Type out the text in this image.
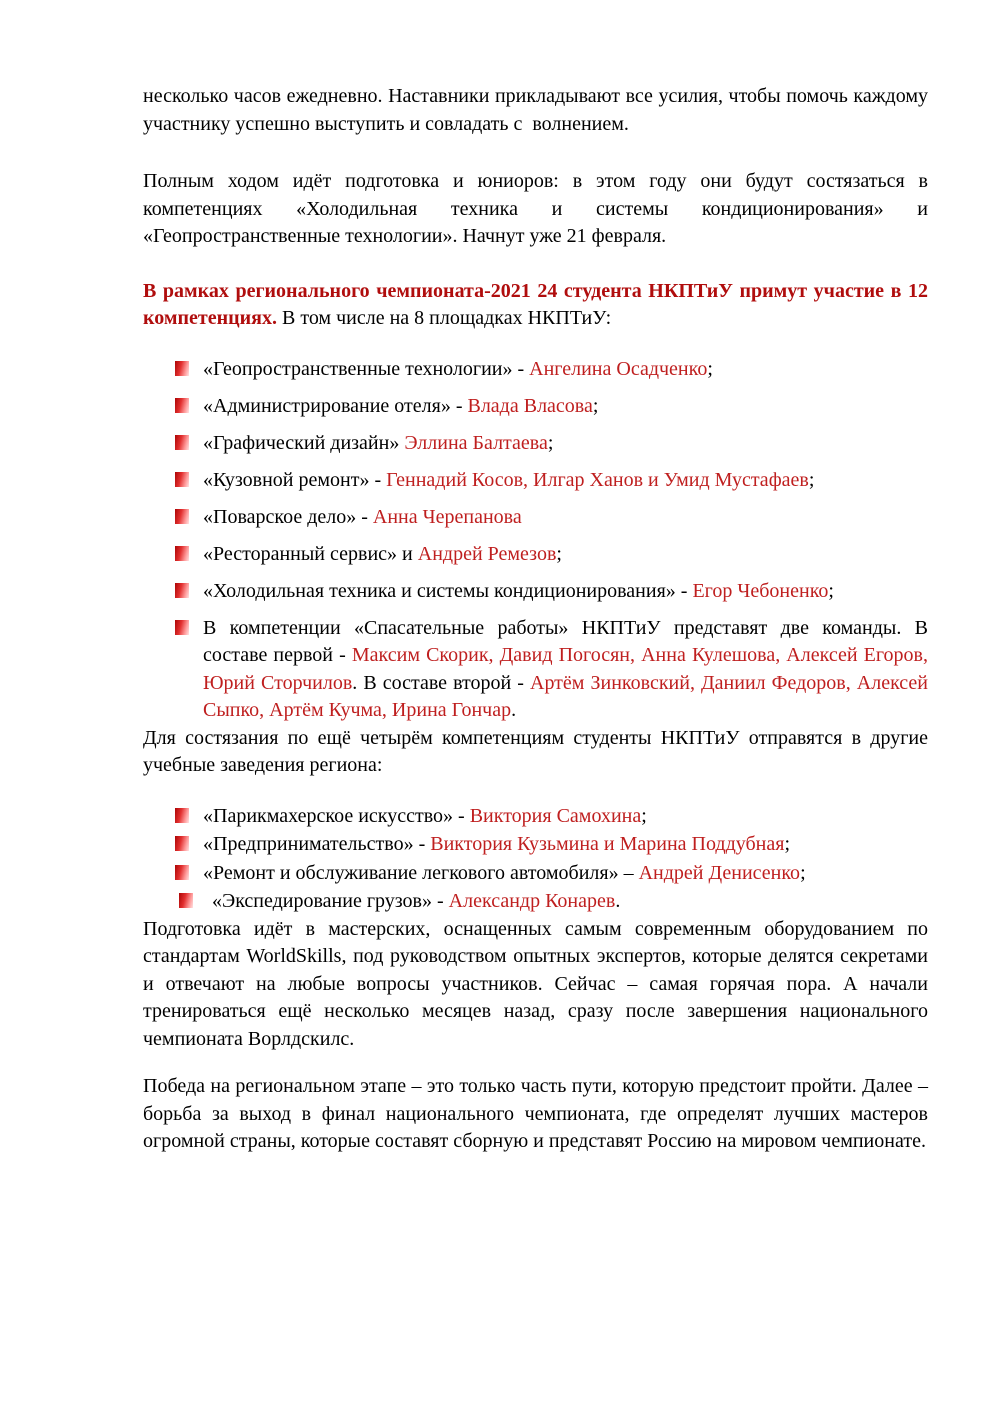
несколько часов ежедневно. Наставники прикладывают все усилия, чтобы помочь каждому участнику успешно выступить и совладать с  волнением.

Полным ходом идёт подготовка и юниоров: в этом году они будут состязаться в компетенциях «Холодильная техника и системы кондиционирования» и «Геопространственные технологии». Начнут уже 21 февраля.

В рамках регионального чемпионата-2021 24 студента НКПТиУ примут участие в 12 компетенциях. В том числе на 8 площадках НКПТиУ:

«Геопространственные технологии» - Ангелина Осадченко;
«Администрирование отеля» - Влада Власова;
«Графический дизайн» Эллина Балтаева;
«Кузовной ремонт» - Геннадий Косов, Илгар Ханов и Умид Мустафаев;
«Поварское дело» - Анна Черепанова
«Ресторанный сервис» и Андрей Ремезов;
«Холодильная техника и системы кондиционирования» - Егор Чебоненко;
В компетенции «Спасательные работы» НКПТиУ представят две команды. В составе первой - Максим Скорик, Давид Погосян, Анна Кулешова, Алексей Егоров, Юрий Сторчилов. В составе второй - Артём Зинковский, Даниил Федоров, Алексей Сыпко, Артём Кучма, Ирина Гончар.

Для состязания по ещё четырём компетенциям студенты НКПТиУ отправятся в другие учебные заведения региона:

«Парикмахерское искусство» - Виктория Самохина;
«Предпринимательство» - Виктория Кузьмина и Марина Поддубная;
«Ремонт и обслуживание легкового автомобиля» – Андрей Денисенко;
«Экспедирование грузов» - Александр Конарев.

Подготовка идёт в мастерских, оснащенных самым современным оборудованием по стандартам WorldSkills, под руководством опытных экспертов, которые делятся секретами и отвечают на любые вопросы участников. Сейчас – самая горячая пора. А начали тренироваться ещё несколько месяцев назад, сразу после завершения национального чемпионата Ворлдскилс.

Победа на региональном этапе – это только часть пути, которую предстоит пройти. Далее – борьба за выход в финал национального чемпионата, где определят лучших мастеров огромной страны, которые составят сборную и представят Россию на мировом чемпионате.
